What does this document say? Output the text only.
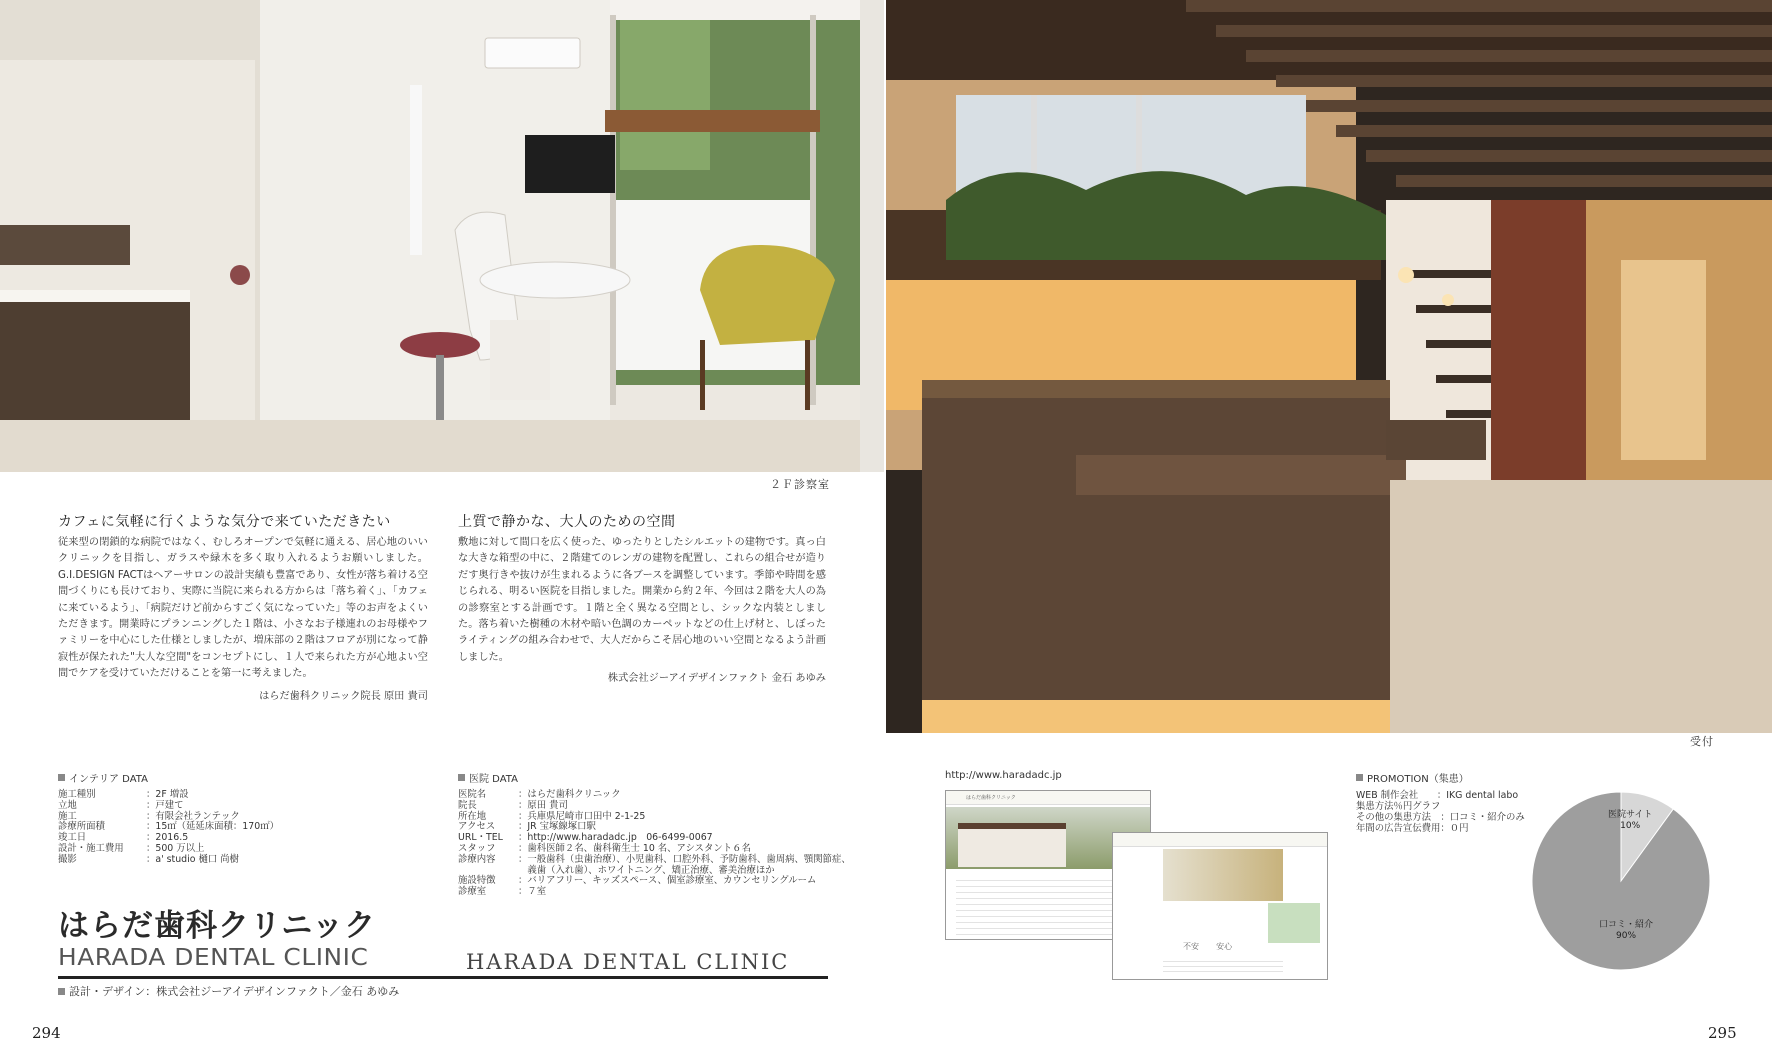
２Ｆ診察室
カフェに気軽に行くような気分で来ていただきたい
従来型の閉鎖的な病院ではなく、むしろオープンで気軽に通える、居心地のいいクリニックを目指し、ガラスや緑木を多く取り入れるようお願いしました。G.I.DESIGN FACTはヘアーサロンの設計実績も豊富であり、女性が落ち着ける空間づくりにも長けており、実際に当院に来られる方からは「落ち着く」、「カフェに来ているよう」、「病院だけど前からすごく気になっていた」等のお声をよくいただきます。開業時にプランニングした１階は、小さなお子様連れのお母様やファミリーを中心にした仕様としましたが、増床部の２階はフロアが別になって静寂性が保たれた"大人な空間"をコンセプトにし、１人で来られた方が心地よい空間でケアを受けていただけることを第一に考えました。
はらだ歯科クリニック院長 原田 貴司
上質で静かな、大人のための空間
敷地に対して間口を広く使った、ゆったりとしたシルエットの建物です。真っ白な大きな箱型の中に、２階建てのレンガの建物を配置し、これらの組合せが造りだす奥行きや抜けが生まれるように各ブースを調整しています。季節や時間を感じられる、明るい医院を目指しました。開業から約２年、今回は２階を大人の為の診察室とする計画です。１階と全く異なる空間とし、シックな内装としました。落ち着いた樹種の木材や暗い色調のカーペットなどの仕上げ材と、しぼったライティングの組み合わせで、大人だからこそ居心地のいい空間となるよう計画しました。
株式会社ジーアイデザインファクト 金石 あゆみ
インテリア DATA
施工種別	：2F 増設
立地	：戸建て
施工	：有限会社ランテック
診療所面積	：15㎡（延延床面積：170㎡）
竣工日	：2016.5
設計・施工費用	：500 万以上
撮影	：a' studio 樋口 尚樹
医院 DATA
医院名	：はらだ歯科クリニック
院長	：原田 貴司
所在地	：兵庫県尼崎市口田中 2-1-25
アクセス	：JR 宝塚線塚口駅
URL・TEL	：http://www.haradadc.jp　06-6499-0067
スタッフ	：歯科医師２名、歯科衛生士 10 名、アシスタント６名
診療内容	：一般歯科（虫歯治療）、小児歯科、口腔外科、予防歯科、歯周病、顎関節症、
　義歯（入れ歯）、ホワイトニング、矯正治療、審美治療ほか
施設特徴	：バリアフリー、キッズスペース、個室診療室、カウンセリングルーム
診療室	：７室
はらだ歯科クリニック
HARADA DENTAL CLINIC	HARADA DENTAL CLINIC
設計・デザイン：株式会社ジーアイデザインファクト／金石 あゆみ
294
受付
http://www.haradadc.jp
はらだ歯科クリニック
不安 安心
PROMOTION（集患）
WEB 制作会社　　：IKG dental labo
集患方法％円グラフ
その他の集患方法　：口コミ・紹介のみ
年間の広告宣伝費用：０円
医院サイト
10%
口コミ・紹介
90%
295
